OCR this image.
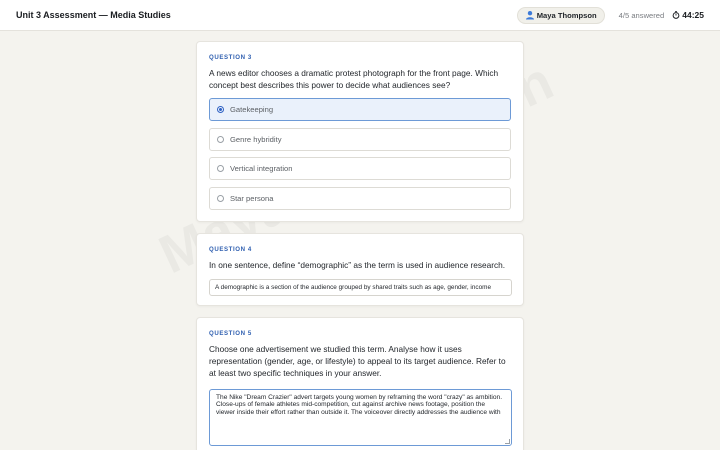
Unit 3 Assessment — Media Studies	Maya Thompson	4/5 answered 44:25
QUESTION 3
A news editor chooses a dramatic protest photograph for the front page. Which concept best describes this power to decide what audiences see?
Gatekeeping
Genre hybridity
Vertical integration
Star persona
QUESTION 4
In one sentence, define “demographic” as the term is used in audience research.
A demographic is a section of the audience grouped by shared traits such as age, gender, income
QUESTION 5
Choose one advertisement we studied this term. Analyse how it uses representation (gender, age, or lifestyle) to appeal to its target audience. Refer to at least two specific techniques in your answer.
The Nike "Dream Crazier" advert targets young women by reframing the word "crazy" as ambition. Close-ups of female athletes mid-competition, cut against archive news footage, position the viewer inside their effort rather than outside it. The voiceover directly addresses the audience with
